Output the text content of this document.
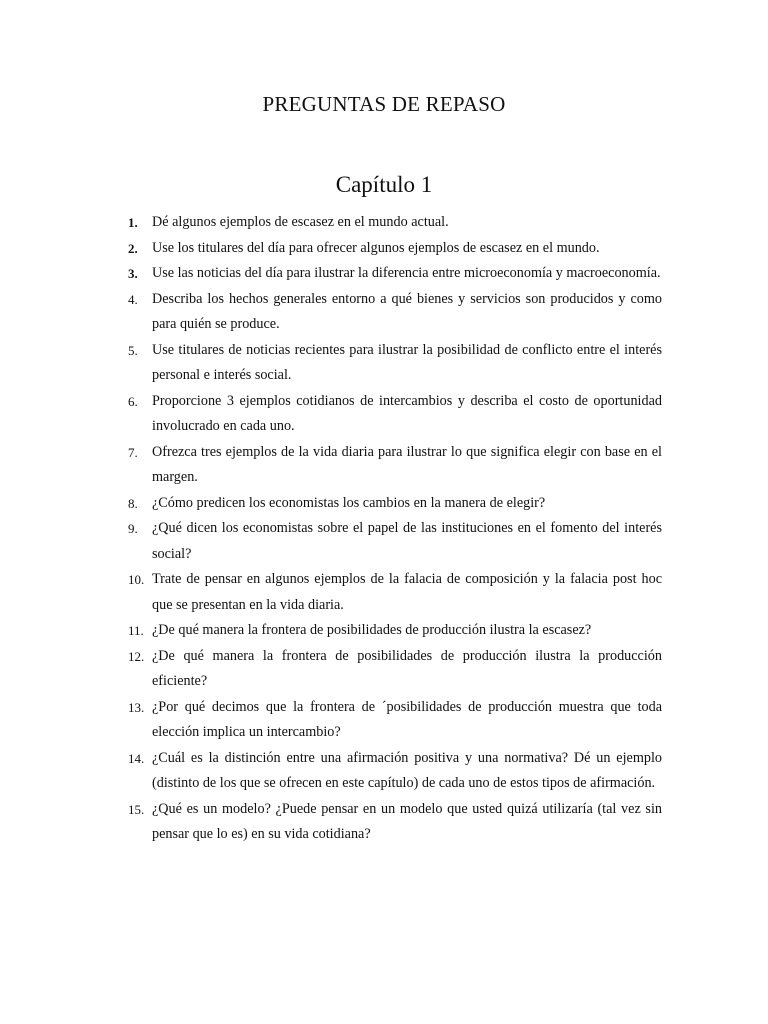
PREGUNTAS DE REPASO
Capítulo 1
1.	Dé algunos ejemplos de escasez en el mundo actual.
2.	Use los titulares del día para ofrecer algunos ejemplos de escasez en el mundo.
3.	Use las noticias del día para ilustrar la diferencia entre microeconomía y macroeconomía.
4.	Describa los hechos generales entorno a qué bienes y servicios son producidos y como para quién se produce.
5.	Use titulares de noticias recientes para ilustrar la posibilidad de conflicto entre el interés personal e interés social.
6.	Proporcione 3 ejemplos cotidianos de intercambios y describa el costo de oportunidad involucrado en cada uno.
7.	Ofrezca tres ejemplos de la vida diaria para ilustrar lo que significa elegir con base en el margen.
8.	¿Cómo predicen los economistas los cambios en la manera de elegir?
9.	¿Qué dicen los economistas sobre el papel de las instituciones en el fomento del interés social?
10. Trate de pensar en algunos ejemplos de la falacia de composición y la falacia post hoc que se presentan en la vida diaria.
11. ¿De qué manera la frontera de posibilidades de producción ilustra la escasez?
12. ¿De qué manera la frontera de posibilidades de producción ilustra la producción eficiente?
13. ¿Por qué decimos que la frontera de ´posibilidades de producción muestra que toda elección implica un intercambio?
14. ¿Cuál es la distinción entre una afirmación positiva y una normativa? Dé un ejemplo (distinto de los que se ofrecen en este capítulo) de cada uno de estos tipos de afirmación.
15. ¿Qué es un modelo? ¿Puede pensar en un modelo que usted quizá utilizaría (tal vez sin pensar que lo es) en su vida cotidiana?
